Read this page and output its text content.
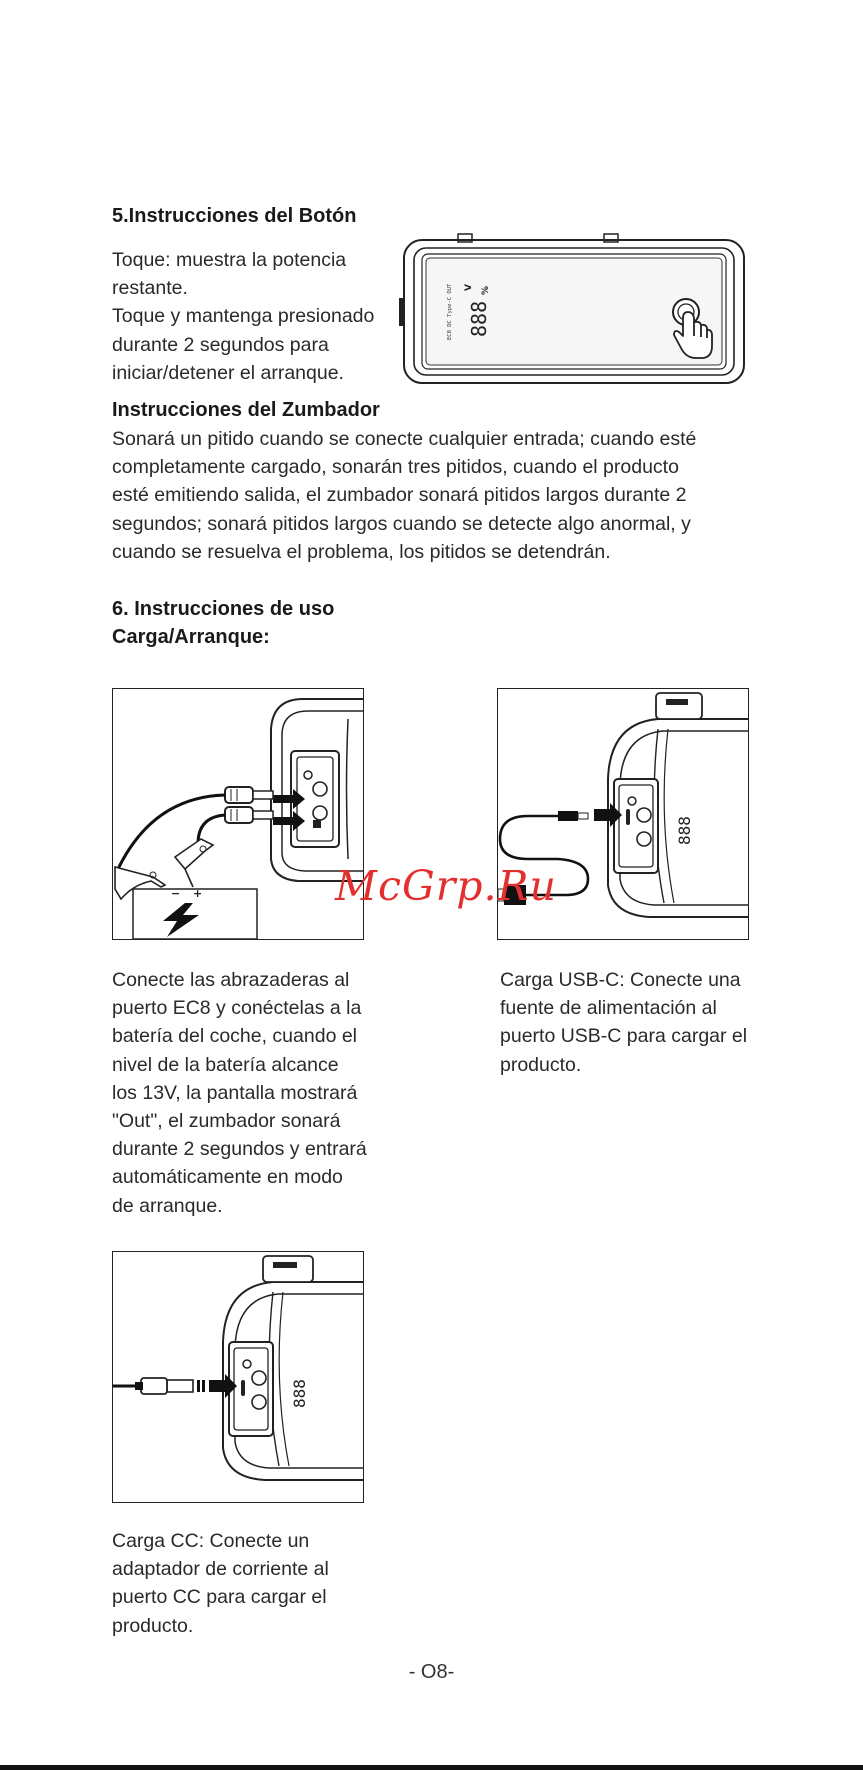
5.Instrucciones del Botón
Toque: muestra la potencia
restante.
Toque y mantenga presionado
durante 2 segundos para
iniciar/detener el arranque.
EC8 DC Type-C OUT 888
V %
Instrucciones del Zumbador
Sonará un pitido cuando se conecte cualquier entrada; cuando esté
completamente cargado, sonarán tres pitidos, cuando el producto
esté emitiendo salida, el zumbador sonará pitidos largos durante 2
segundos; sonará pitidos largos cuando se detecte algo anormal, y
cuando se resuelva el problema, los pitidos se detendrán.
6. Instrucciones de uso
Carga/Arranque:
− +
Conecte las abrazaderas al
puerto EC8 y conéctelas a la
batería del coche, cuando el
nivel de la batería alcance
los 13V, la pantalla mostrará
"Out", el zumbador sonará
durante 2 segundos y entrará
automáticamente en modo
de arranque.
888
Carga USB-C: Conecte una
fuente de alimentación al
puerto USB-C para cargar el
producto.
888
Carga CC: Conecte un
adaptador de corriente al
puerto CC para cargar el
producto.
McGrp.Ru
- O8-
